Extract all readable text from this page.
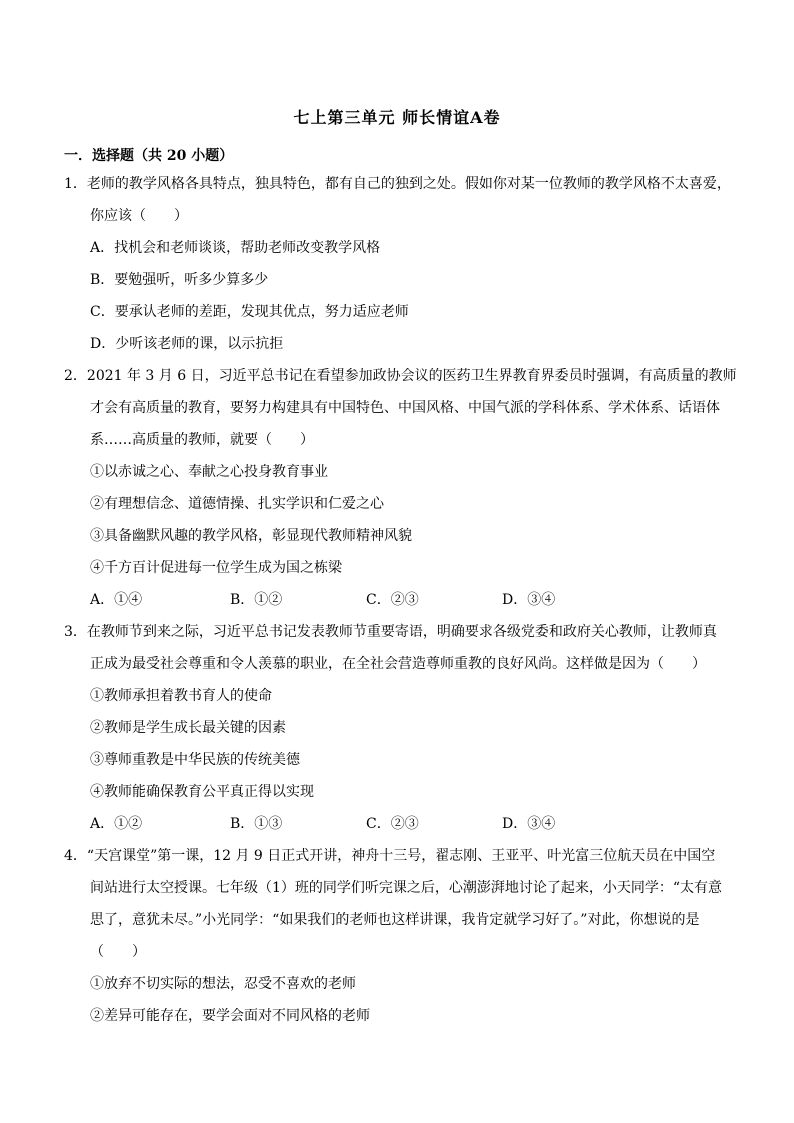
七上第三单元 师长情谊A卷
一．选择题（共 20 小题）
1．老师的教学风格各具特点，独具特色，都有自己的独到之处。假如你对某一位教师的教学风格不太喜爱，
你应该（　　）
A．找机会和老师谈谈，帮助老师改变教学风格
B．要勉强听，听多少算多少
C．要承认老师的差距，发现其优点，努力适应老师
D．少听该老师的课，以示抗拒
2．2021 年 3 月 6 日，习近平总书记在看望参加政协会议的医药卫生界教育界委员时强调，有高质量的教师
才会有高质量的教育，要努力构建具有中国特色、中国风格、中国气派的学科体系、学术体系、话语体
系……高质量的教师，就要（　　）
①以赤诚之心、奉献之心投身教育事业
②有理想信念、道德情操、扎实学识和仁爱之心
③具备幽默风趣的教学风格，彰显现代教师精神风貌
④千方百计促进每一位学生成为国之栋梁
A．①④	B．①②	C．②③	D．③④
3．在教师节到来之际，习近平总书记发表教师节重要寄语，明确要求各级党委和政府关心教师，让教师真
正成为最受社会尊重和令人羡慕的职业，在全社会营造尊师重教的良好风尚。这样做是因为（　　）
①教师承担着教书育人的使命
②教师是学生成长最关键的因素
③尊师重教是中华民族的传统美德
④教师能确保教育公平真正得以实现
A．①②	B．①③	C．②③	D．③④
4．“天宫课堂”第一课，12 月 9 日正式开讲，神舟十三号，翟志刚、王亚平、叶光富三位航天员在中国空
间站进行太空授课。七年级（1）班的同学们听完课之后，心潮澎湃地讨论了起来，小天同学：“太有意
思了，意犹未尽。”小光同学：“如果我们的老师也这样讲课，我肯定就学习好了。”对此，你想说的是
（　　）
①放弃不切实际的想法，忍受不喜欢的老师
②差异可能存在，要学会面对不同风格的老师
